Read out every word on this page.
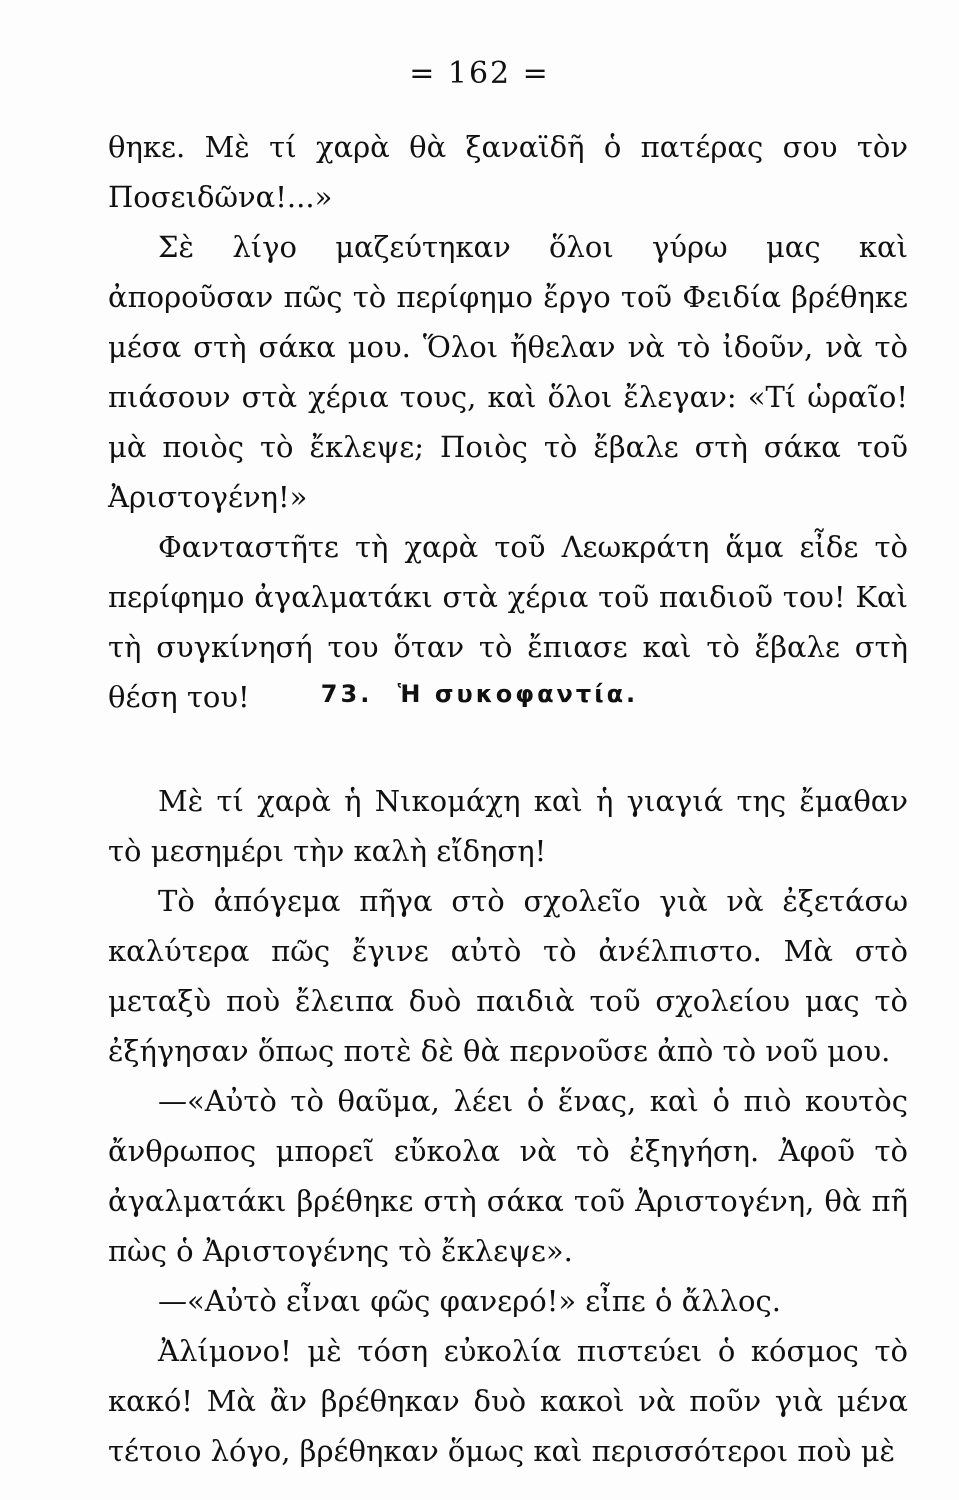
= 162 =

θηκε. Μὲ τί χαρὰ θὰ ξαναϊδῆ ὁ πατέρας σου τὸν Ποσειδῶνα!...»

Σὲ λίγο μαζεύτηκαν ὅλοι γύρω μας καὶ ἀποροῦσαν πῶς τὸ περίφημο ἔργο τοῦ Φειδία βρέθηκε μέσα στὴ σάκα μου. Ὅλοι ἤθελαν νὰ τὸ ἰδοῦν, νὰ τὸ πιάσουν στὰ χέρια τους, καὶ ὅλοι ἔλεγαν: «Τί ὡραῖο! μὰ ποιὸς τὸ ἔκλεψε; Ποιὸς τὸ ἔβαλε στὴ σάκα τοῦ Ἀριστογένη!»

Φανταστῆτε τὴ χαρὰ τοῦ Λεωκράτη ἅμα εἶδε τὸ περίφημο ἀγαλματάκι στὰ χέρια τοῦ παιδιοῦ του! Καὶ τὴ συγκίνησή του ὅταν τὸ ἔπιασε καὶ τὸ ἔβαλε στὴ θέση του!	73. Ἡ συκοφαντία.

Μὲ τί χαρὰ ἡ Νικομάχη καὶ ἡ γιαγιά της ἔμαθαν τὸ μεσημέρι τὴν καλὴ εἴδηση!

Τὸ ἀπόγεμα πῆγα στὸ σχολεῖο γιὰ νὰ ἐξετάσω καλύτερα πῶς ἔγινε αὐτὸ τὸ ἀνέλπιστο. Μὰ στὸ μεταξὺ ποὺ ἔλειπα δυὸ παιδιὰ τοῦ σχολείου μας τὸ ἐξήγησαν ὅπως ποτὲ δὲ θὰ περνοῦσε ἀπὸ τὸ νοῦ μου.

—«Αὐτὸ τὸ θαῦμα, λέει ὁ ἕνας, καὶ ὁ πιὸ κουτὸς ἄνθρωπος μπορεῖ εὔκολα νὰ τὸ ἐξηγήση. Ἀφοῦ τὸ ἀγαλματάκι βρέθηκε στὴ σάκα τοῦ Ἀριστογένη, θὰ πῆ πὼς ὁ Ἀριστογένης τὸ ἔκλεψε».

—«Αὐτὸ εἶναι φῶς φανερό!» εἶπε ὁ ἄλλος.

Ἀλίμονο! μὲ τόση εὐκολία πιστεύει ὁ κόσμος τὸ κακό! Μὰ ἂν βρέθηκαν δυὸ κακοὶ νὰ ποῦν γιὰ μένα τέτοιο λόγο, βρέθηκαν ὅμως καὶ περισσότεροι ποὺ μὲ
